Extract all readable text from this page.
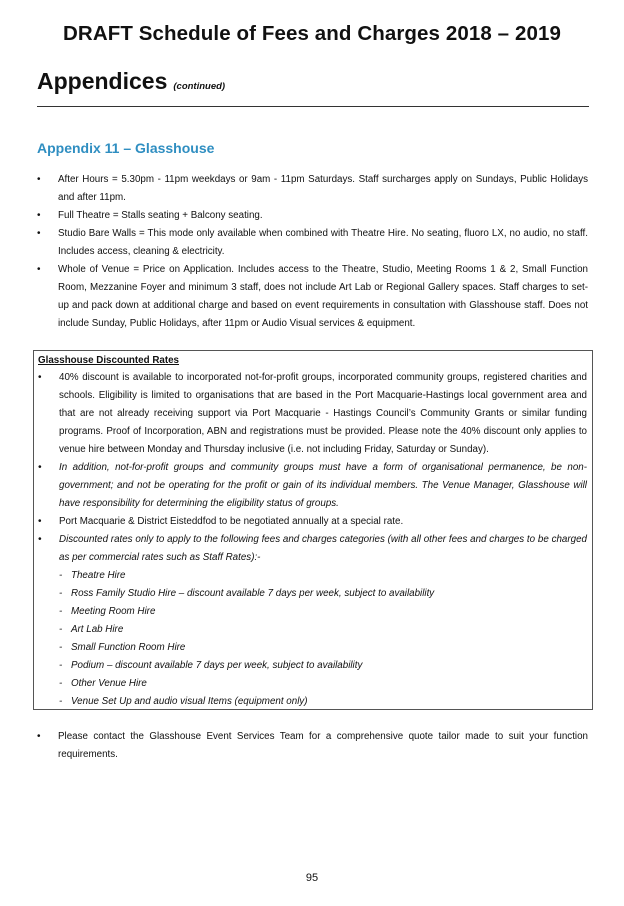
DRAFT Schedule of Fees and Charges 2018 – 2019
Appendices (continued)
Appendix 11 – Glasshouse
• After Hours = 5.30pm - 11pm weekdays or 9am - 11pm Saturdays. Staff surcharges apply on Sundays, Public Holidays and after 11pm.
• Full Theatre = Stalls seating + Balcony seating.
• Studio Bare Walls = This mode only available when combined with Theatre Hire. No seating, fluoro LX, no audio, no staff. Includes access, cleaning & electricity.
• Whole of Venue = Price on Application. Includes access to the Theatre, Studio, Meeting Rooms 1 & 2, Small Function Room, Mezzanine Foyer and minimum 3 staff, does not include Art Lab or Regional Gallery spaces. Staff charges to set-up and pack down at additional charge and based on event requirements in consultation with Glasshouse staff. Does not include Sunday, Public Holidays, after 11pm or Audio Visual services & equipment.
Glasshouse Discounted Rates
• 40% discount is available to incorporated not-for-profit groups, incorporated community groups, registered charities and schools. Eligibility is limited to organisations that are based in the Port Macquarie-Hastings local government area and that are not already receiving support via Port Macquarie - Hastings Council’s Community Grants or similar funding programs. Proof of Incorporation, ABN and registrations must be provided. Please note the 40% discount only applies to venue hire between Monday and Thursday inclusive (i.e. not including Friday, Saturday or Sunday).
• In addition, not-for-profit groups and community groups must have a form of organisational permanence, be non-government; and not be operating for the profit or gain of its individual members. The Venue Manager, Glasshouse will have responsibility for determining the eligibility status of groups.
• Port Macquarie & District Eisteddfod to be negotiated annually at a special rate.
• Discounted rates only to apply to the following fees and charges categories (with all other fees and charges to be charged as per commercial rates such as Staff Rates):-
- Theatre Hire
- Ross Family Studio Hire – discount available 7 days per week, subject to availability
- Meeting Room Hire
- Art Lab Hire
- Small Function Room Hire
- Podium – discount available 7 days per week, subject to availability
- Other Venue Hire
- Venue Set Up and audio visual Items (equipment only)
• Please contact the Glasshouse Event Services Team for a comprehensive quote tailor made to suit your function requirements.
95
